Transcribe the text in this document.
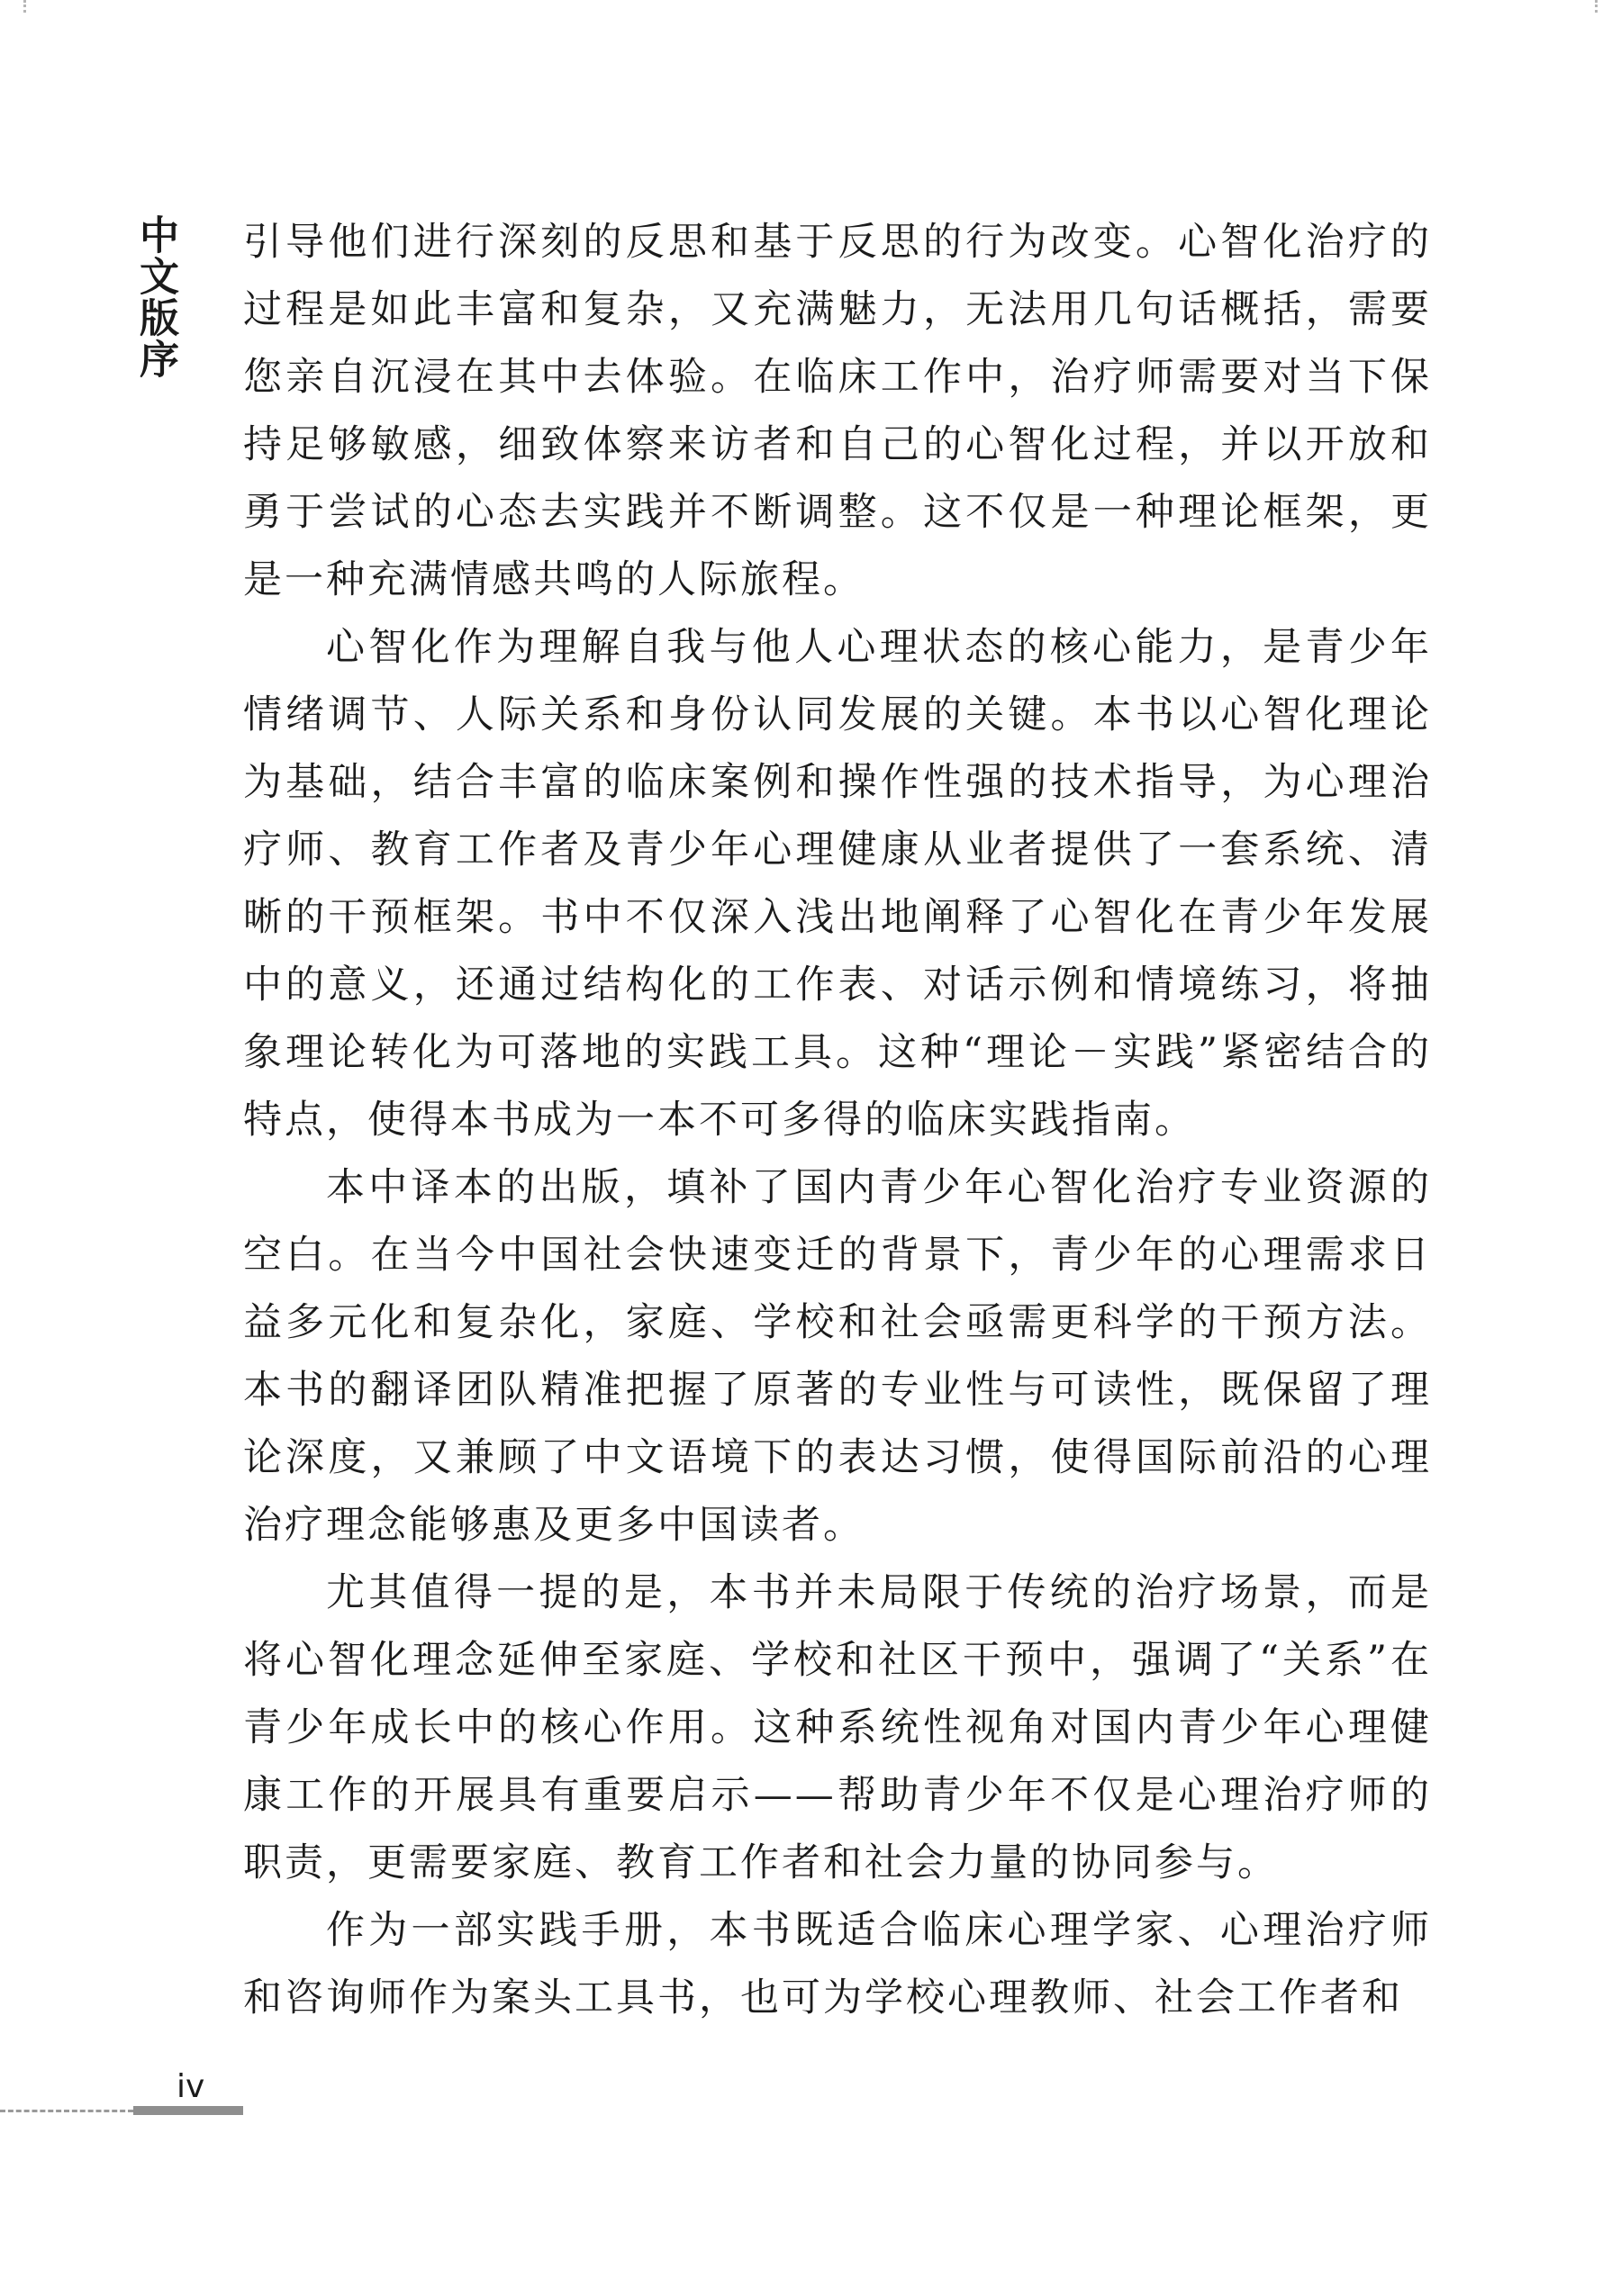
中文版序 引导他们进行深刻的反思和基于反思的行为改变。心智化治疗的过程是如此丰富和复杂，又充满魅力，无法用几句话概括，需要您亲自沉浸在其中去体验。在临床工作中，治疗师需要对当下保持足够敏感，细致体察来访者和自己的心智化过程，并以开放和勇于尝试的心态去实践并不断调整。这不仅是一种理论框架，更是一种充满情感共鸣的人际旅程。

心智化作为理解自我与他人心理状态的核心能力，是青少年情绪调节、人际关系和身份认同发展的关键。本书以心智化理论为基础，结合丰富的临床案例和操作性强的技术指导，为心理治疗师、教育工作者及青少年心理健康从业者提供了一套系统、清晰的干预框架。书中不仅深入浅出地阐释了心智化在青少年发展中的意义，还通过结构化的工作表、对话示例和情境练习，将抽象理论转化为可落地的实践工具。这种“理论－实践”紧密结合的特点，使得本书成为一本不可多得的临床实践指南。

本中译本的出版，填补了国内青少年心智化治疗专业资源的空白。在当今中国社会快速变迁的背景下，青少年的心理需求日益多元化和复杂化，家庭、学校和社会亟需更科学的干预方法。本书的翻译团队精准把握了原著的专业性与可读性，既保留了理论深度，又兼顾了中文语境下的表达习惯，使得国际前沿的心理治疗理念能够惠及更多中国读者。

尤其值得一提的是，本书并未局限于传统的治疗场景，而是将心智化理念延伸至家庭、学校和社区干预中，强调了“关系”在青少年成长中的核心作用。这种系统性视角对国内青少年心理健康工作的开展具有重要启示——帮助青少年不仅是心理治疗师的职责，更需要家庭、教育工作者和社会力量的协同参与。

作为一部实践手册，本书既适合临床心理学家、心理治疗师和咨询师作为案头工具书，也可为学校心理教师、社会工作者和

iv
